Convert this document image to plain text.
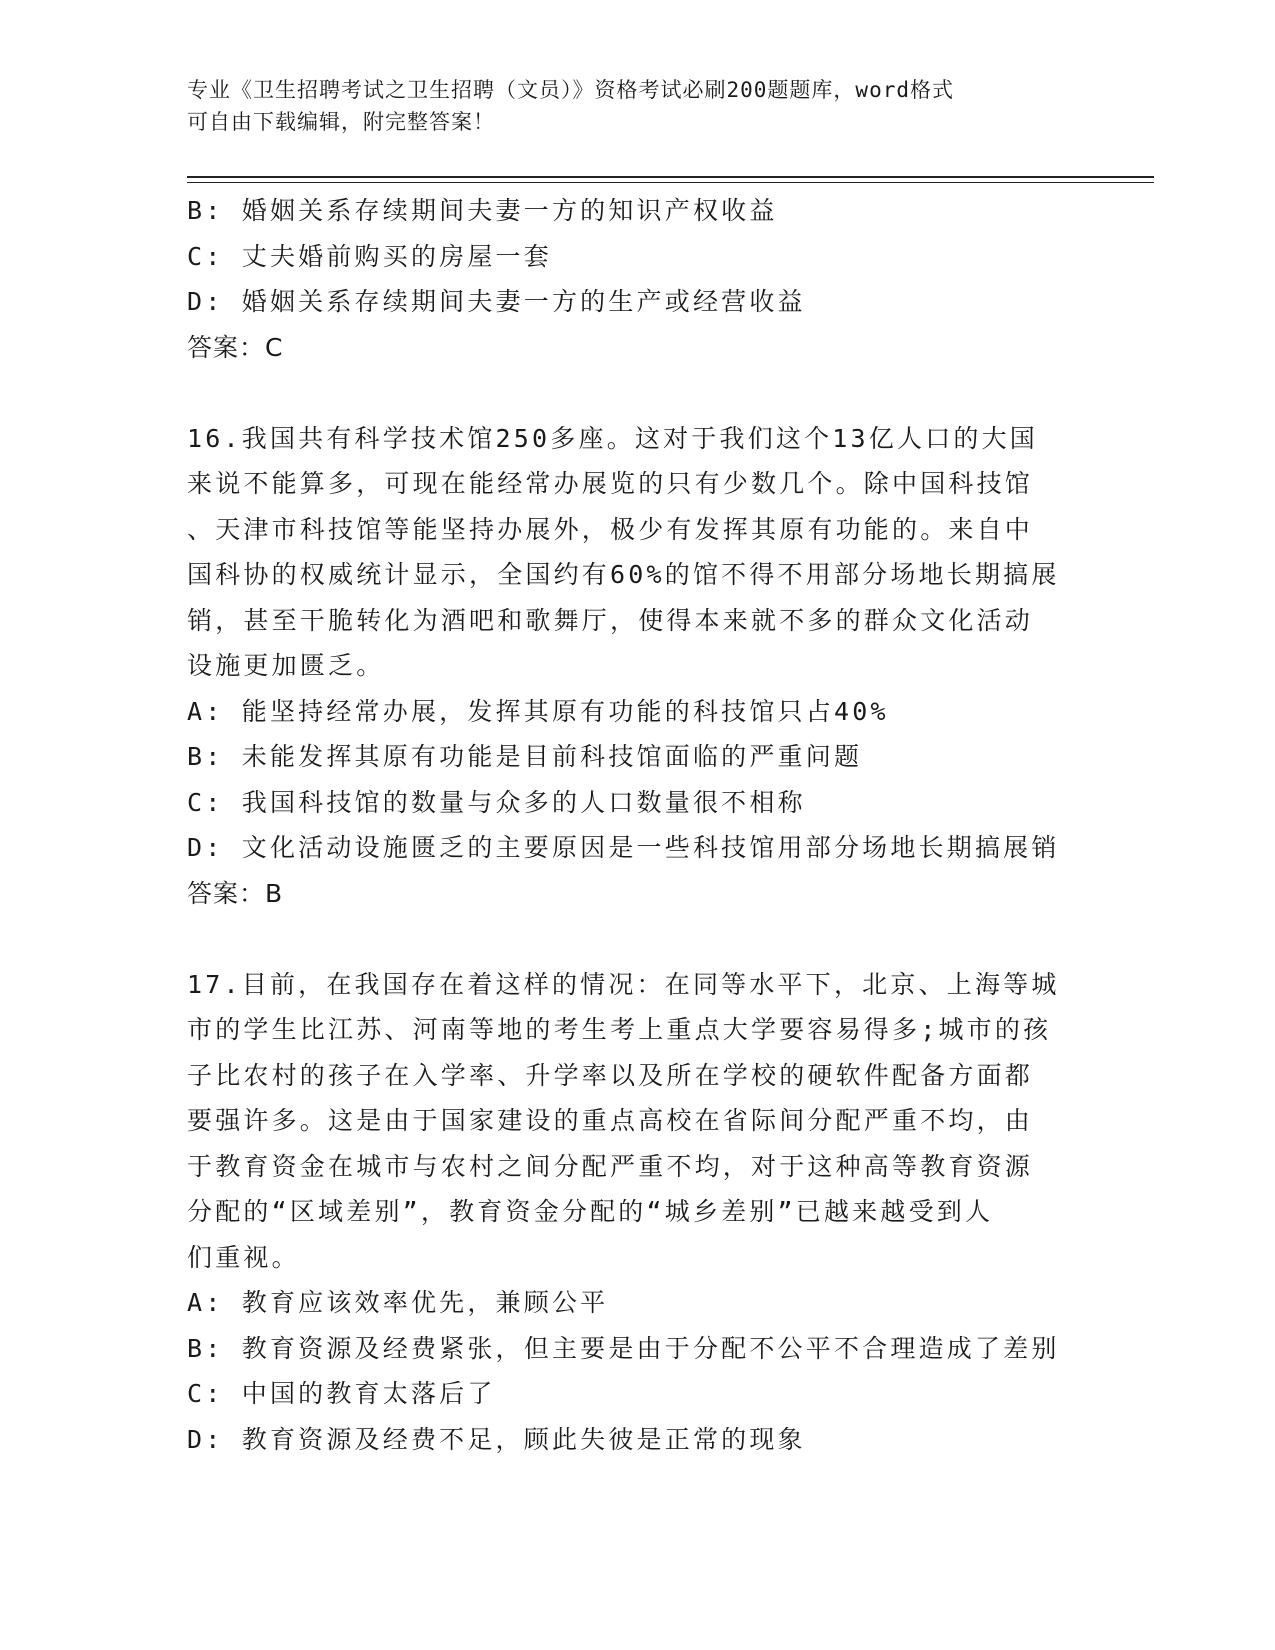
专业《卫生招聘考试之卫生招聘（文员）》资格考试必刷200题题库，word格式
可自由下载编辑，附完整答案！
B: 婚姻关系存续期间夫妻一方的知识产权收益
C: 丈夫婚前购买的房屋一套
D: 婚姻关系存续期间夫妻一方的生产或经营收益
答案：C
16.我国共有科学技术馆250多座。这对于我们这个13亿人口的大国
来说不能算多，可现在能经常办展览的只有少数几个。除中国科技馆
、天津市科技馆等能坚持办展外，极少有发挥其原有功能的。来自中
国科协的权威统计显示，全国约有60%的馆不得不用部分场地长期搞展
销，甚至干脆转化为酒吧和歌舞厅，使得本来就不多的群众文化活动
设施更加匮乏。
A: 能坚持经常办展，发挥其原有功能的科技馆只占40%
B: 未能发挥其原有功能是目前科技馆面临的严重问题
C: 我国科技馆的数量与众多的人口数量很不相称
D: 文化活动设施匮乏的主要原因是一些科技馆用部分场地长期搞展销
答案：B
17.目前，在我国存在着这样的情况：在同等水平下，北京、上海等城
市的学生比江苏、河南等地的考生考上重点大学要容易得多;城市的孩
子比农村的孩子在入学率、升学率以及所在学校的硬软件配备方面都
要强许多。这是由于国家建设的重点高校在省际间分配严重不均，由
于教育资金在城市与农村之间分配严重不均，对于这种高等教育资源
分配的“区域差别”，教育资金分配的“城乡差别”已越来越受到人
们重视。
A: 教育应该效率优先，兼顾公平
B: 教育资源及经费紧张，但主要是由于分配不公平不合理造成了差别
C: 中国的教育太落后了
D: 教育资源及经费不足，顾此失彼是正常的现象
